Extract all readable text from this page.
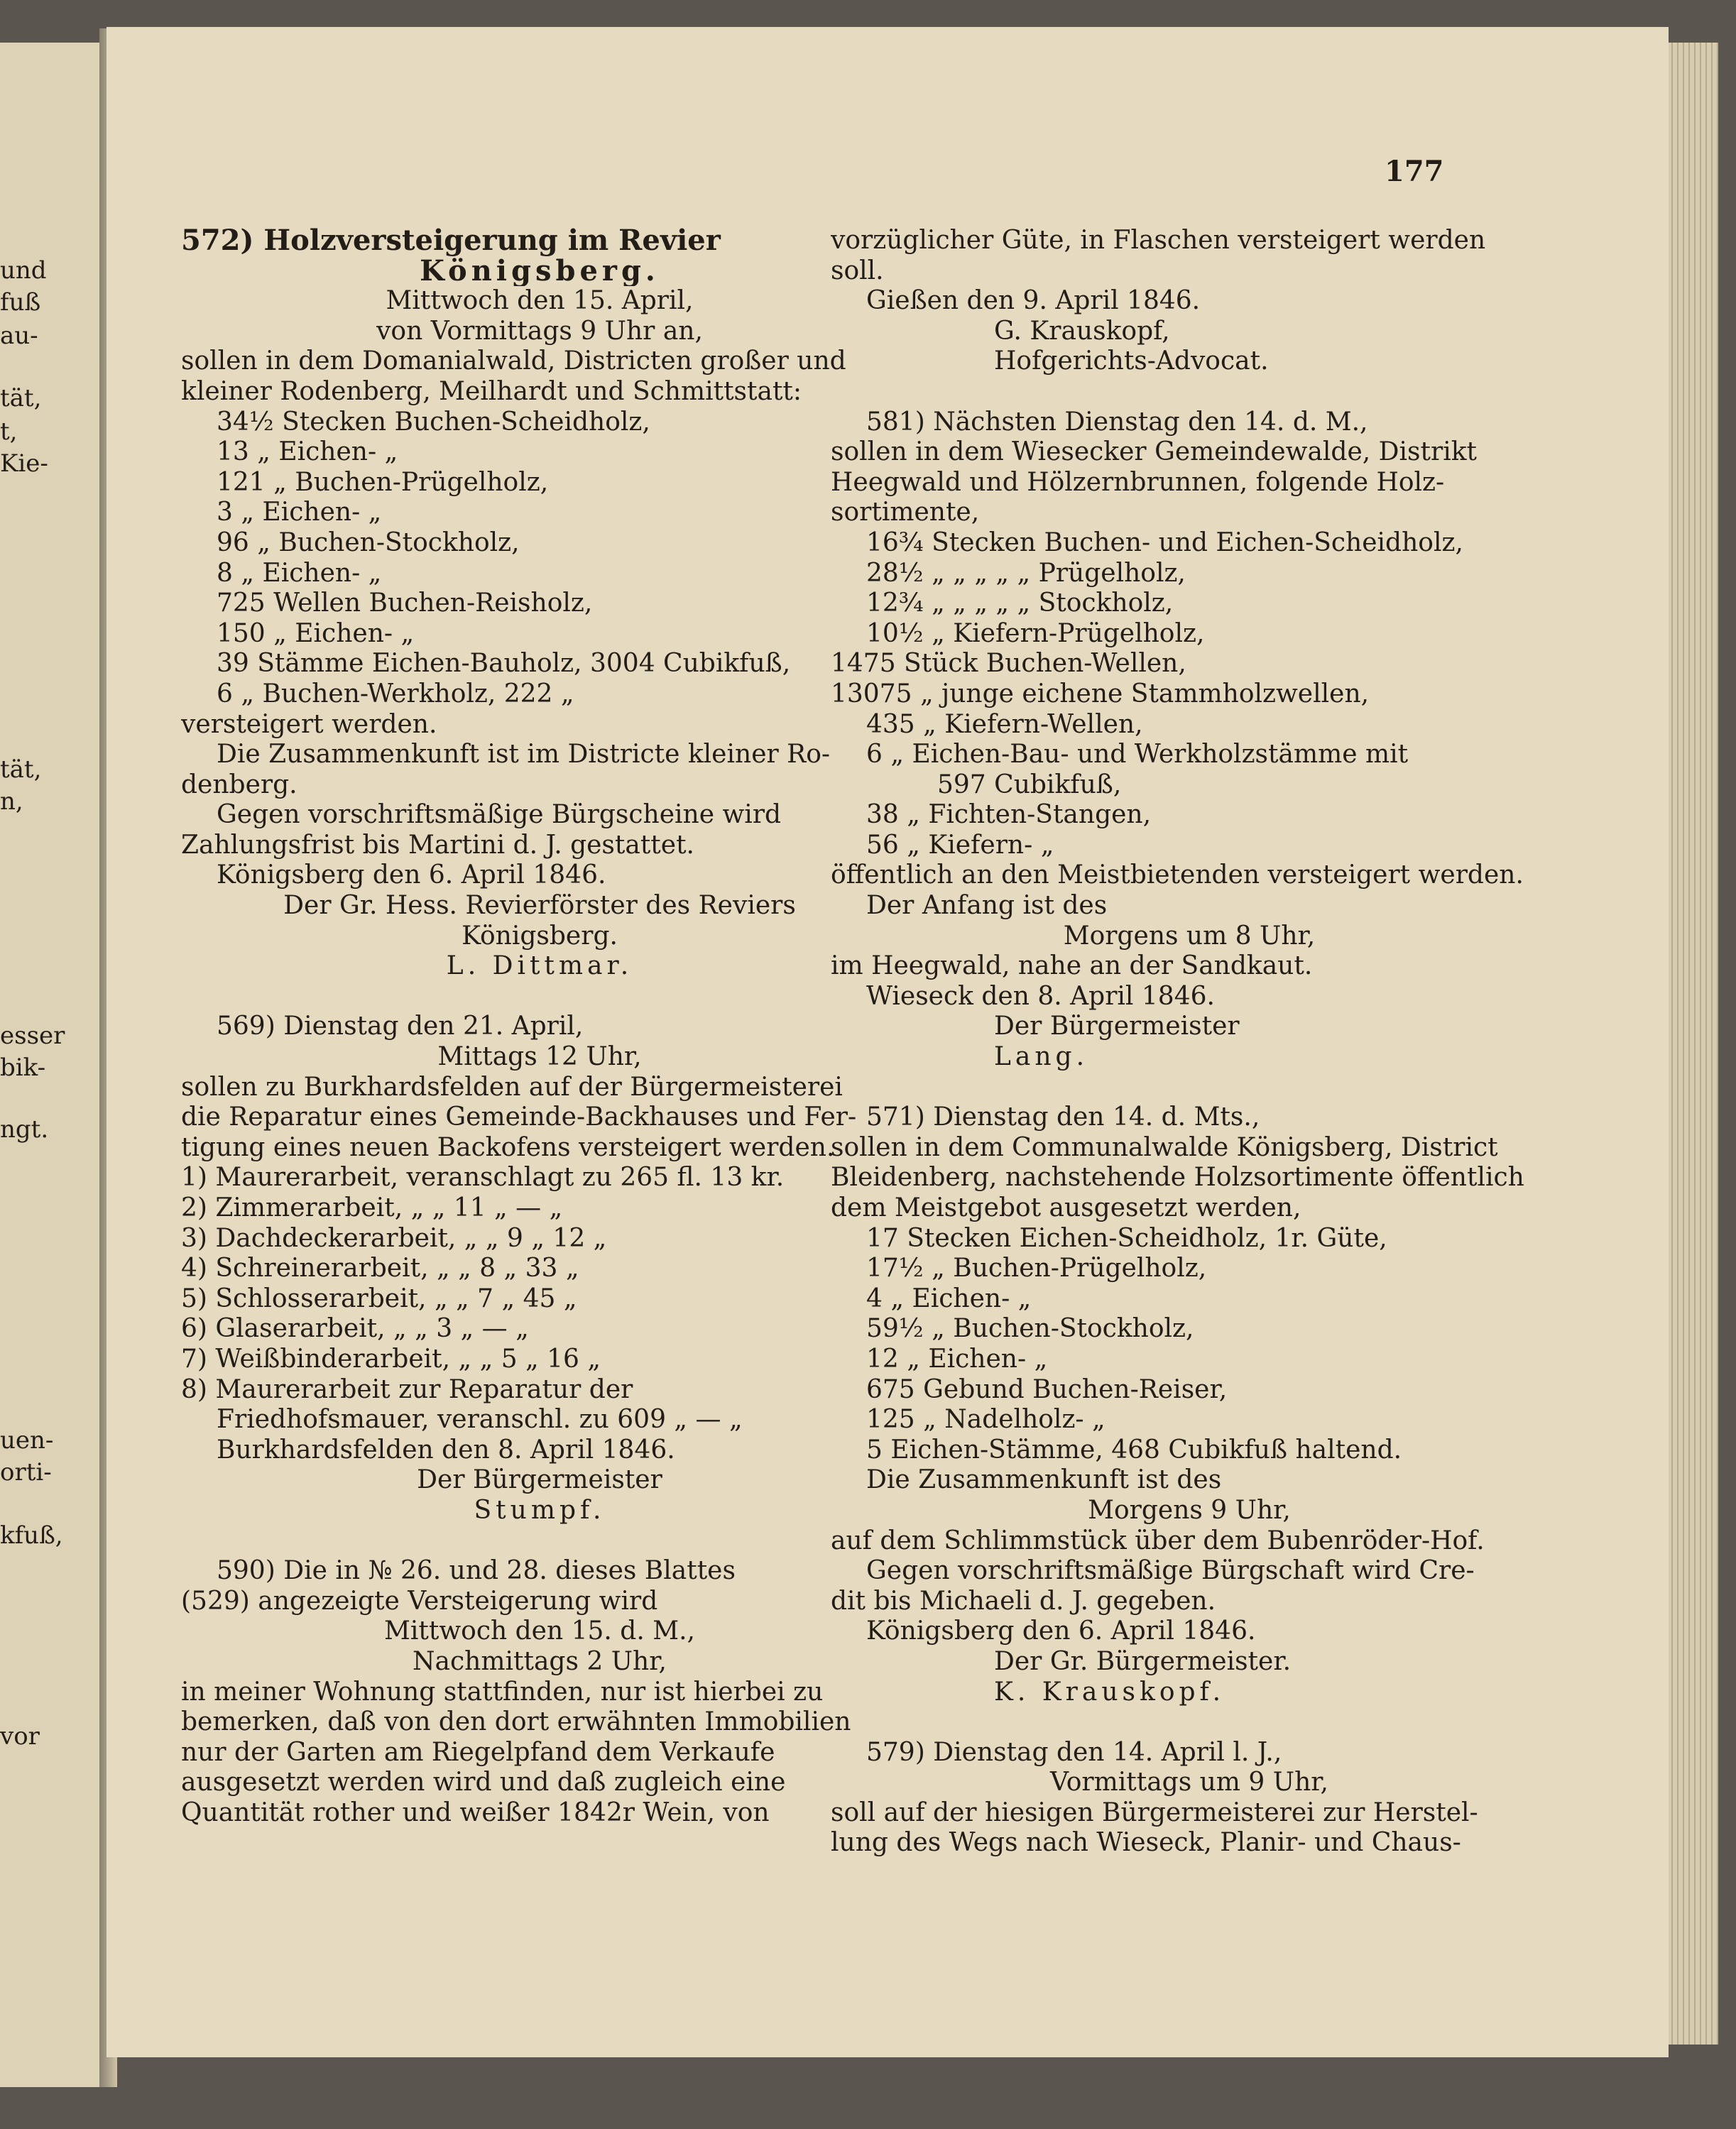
und
fuß
au-
tät,
t,
Kie-
tät,
n,
esser
bik-
ngt.
uen-
orti-
kfuß,
vor
177
572) Holzversteigerung im Revier
Königsberg.
Mittwoch den 15. April,
von Vormittags 9 Uhr an,
sollen in dem Domanialwald, Districten großer und
kleiner Rodenberg, Meilhardt und Schmittstatt:
34½ Stecken Buchen-Scheidholz,
13 „ Eichen- „
121 „ Buchen-Prügelholz,
3 „ Eichen- „
96 „ Buchen-Stockholz,
8 „ Eichen- „
725 Wellen Buchen-Reisholz,
150 „ Eichen- „
39 Stämme Eichen-Bauholz, 3004 Cubikfuß,
6 „ Buchen-Werkholz, 222 „
versteigert werden.
Die Zusammenkunft ist im Districte kleiner Ro-
denberg.
Gegen vorschriftsmäßige Bürgscheine wird
Zahlungsfrist bis Martini d. J. gestattet.
Königsberg den 6. April 1846.
Der Gr. Hess. Revierförster des Reviers
Königsberg.
L. Dittmar.
569) Dienstag den 21. April,
Mittags 12 Uhr,
sollen zu Burkhardsfelden auf der Bürgermeisterei
die Reparatur eines Gemeinde-Backhauses und Fer-
tigung eines neuen Backofens versteigert werden.
1) Maurerarbeit, veranschlagt zu 265 fl. 13 kr.
2) Zimmerarbeit, „ „ 11 „ — „
3) Dachdeckerarbeit, „ „ 9 „ 12 „
4) Schreinerarbeit, „ „ 8 „ 33 „
5) Schlosserarbeit, „ „ 7 „ 45 „
6) Glaserarbeit, „ „ 3 „ — „
7) Weißbinderarbeit, „ „ 5 „ 16 „
8) Maurerarbeit zur Reparatur der
Friedhofsmauer, veranschl. zu 609 „ — „
Burkhardsfelden den 8. April 1846.
Der Bürgermeister
Stumpf.
590) Die in № 26. und 28. dieses Blattes
(529) angezeigte Versteigerung wird
Mittwoch den 15. d. M.,
Nachmittags 2 Uhr,
in meiner Wohnung stattfinden, nur ist hierbei zu
bemerken, daß von den dort erwähnten Immobilien
nur der Garten am Riegelpfand dem Verkaufe
ausgesetzt werden wird und daß zugleich eine
Quantität rother und weißer 1842r Wein, von
vorzüglicher Güte, in Flaschen versteigert werden
soll.
Gießen den 9. April 1846.
G. Krauskopf,
Hofgerichts-Advocat.
581) Nächsten Dienstag den 14. d. M.,
sollen in dem Wiesecker Gemeindewalde, Distrikt
Heegwald und Hölzernbrunnen, folgende Holz-
sortimente,
16¾ Stecken Buchen- und Eichen-Scheidholz,
28½ „ „ „ „ „ Prügelholz,
12¾ „ „ „ „ „ Stockholz,
10½ „ Kiefern-Prügelholz,
1475 Stück Buchen-Wellen,
13075 „ junge eichene Stammholzwellen,
435 „ Kiefern-Wellen,
6 „ Eichen-Bau- und Werkholzstämme mit
597 Cubikfuß,
38 „ Fichten-Stangen,
56 „ Kiefern- „
öffentlich an den Meistbietenden versteigert werden.
Der Anfang ist des
Morgens um 8 Uhr,
im Heegwald, nahe an der Sandkaut.
Wieseck den 8. April 1846.
Der Bürgermeister
Lang.
571) Dienstag den 14. d. Mts.,
sollen in dem Communalwalde Königsberg, District
Bleidenberg, nachstehende Holzsortimente öffentlich
dem Meistgebot ausgesetzt werden,
17 Stecken Eichen-Scheidholz, 1r. Güte,
17½ „ Buchen-Prügelholz,
4 „ Eichen- „
59½ „ Buchen-Stockholz,
12 „ Eichen- „
675 Gebund Buchen-Reiser,
125 „ Nadelholz- „
5 Eichen-Stämme, 468 Cubikfuß haltend.
Die Zusammenkunft ist des
Morgens 9 Uhr,
auf dem Schlimmstück über dem Bubenröder-Hof.
Gegen vorschriftsmäßige Bürgschaft wird Cre-
dit bis Michaeli d. J. gegeben.
Königsberg den 6. April 1846.
Der Gr. Bürgermeister.
K. Krauskopf.
579) Dienstag den 14. April l. J.,
Vormittags um 9 Uhr,
soll auf der hiesigen Bürgermeisterei zur Herstel-
lung des Wegs nach Wieseck, Planir- und Chaus-
